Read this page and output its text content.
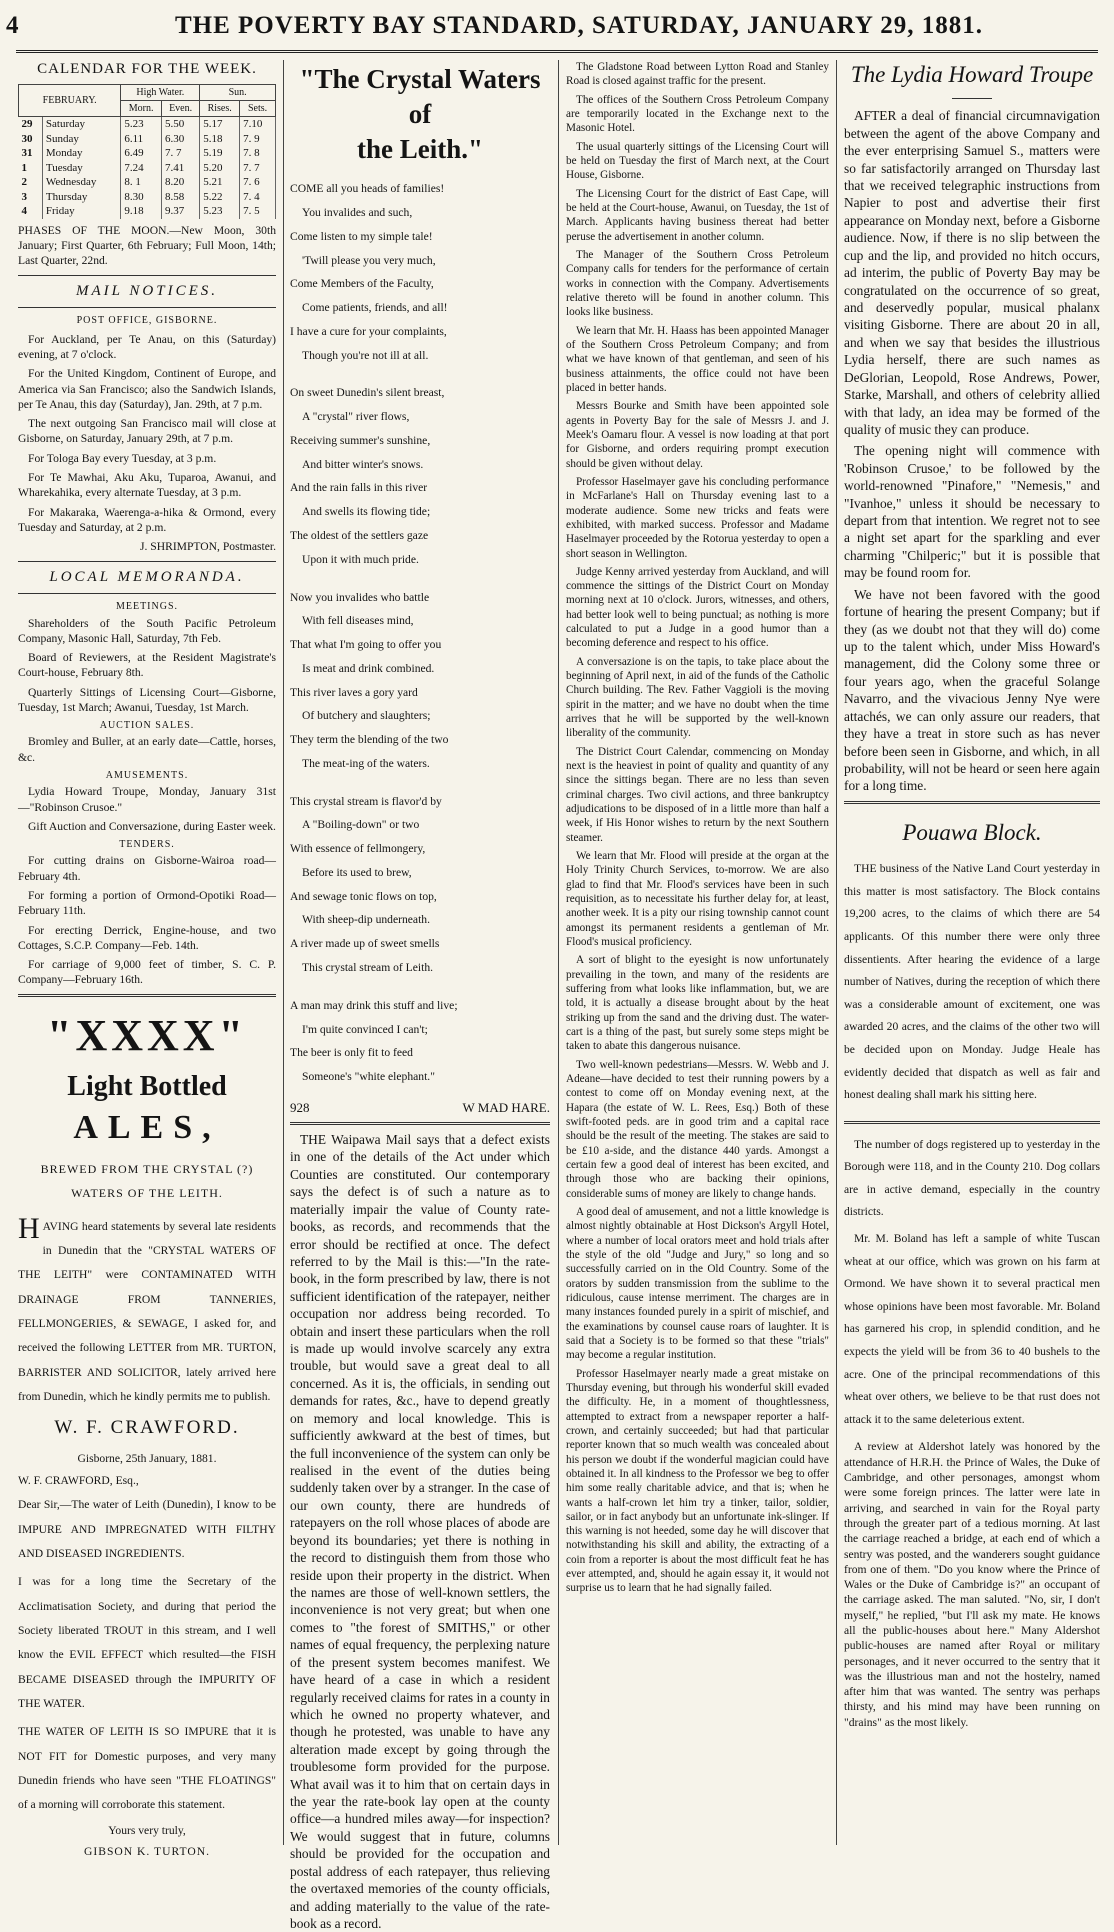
4	THE POVERTY BAY STANDARD, SATURDAY, JANUARY 29, 1881.
CALENDAR FOR THE WEEK.
FEBRUARY.		High Water.		Sun.	
		Morn.	Even.	Rises.	Sets.
29	Saturday	5.23	5.50	5.17	7.10
30	Sunday	6.11	6.30	5.18	7. 9
31	Monday	6.49	7. 7	5.19	7. 8
1	Tuesday	7.24	7.41	5.20	7. 7
2	Wednesday	8. 1	8.20	5.21	7. 6
3	Thursday	8.30	8.58	5.22	7. 4
4	Friday	9.18	9.37	5.23	7. 5

PHASES OF THE MOON.—New Moon, 30th January; First Quarter, 6th February; Full Moon, 14th; Last Quarter, 22nd.

MAIL NOTICES.

POST OFFICE, GISBORNE.

For Auckland, per Te Anau, on this (Saturday) evening, at 7 o'clock.

For the United Kingdom, Continent of Europe, and America via San Francisco; also the Sandwich Islands, per Te Anau, this day (Saturday), Jan. 29th, at 7 p.m.

The next outgoing San Francisco mail will close at Gisborne, on Saturday, January 29th, at 7 p.m.

For Tologa Bay every Tuesday, at 3 p.m.

For Te Mawhai, Aku Aku, Tuparoa, Awanui, and Wharekahika, every alternate Tuesday, at 3 p.m.

For Makaraka, Waerenga-a-hika & Ormond, every Tuesday and Saturday, at 2 p.m.

J. SHRIMPTON, Postmaster.

LOCAL MEMORANDA.
MEETINGS.

Shareholders of the South Pacific Petroleum Company, Masonic Hall, Saturday, 7th Feb.

Board of Reviewers, at the Resident Magistrate's Court-house, February 8th.

Quarterly Sittings of Licensing Court—Gisborne, Tuesday, 1st March; Awanui, Tuesday, 1st March.

AUCTION SALES.

Bromley and Buller, at an early date—Cattle, horses, &c.

AMUSEMENTS.

Lydia Howard Troupe, Monday, January 31st—"Robinson Crusoe."

Gift Auction and Conversazione, during Easter week.

TENDERS.

For cutting drains on Gisborne-Wairoa road—February 4th.

For forming a portion of Ormond-Opotiki Road—February 11th.

For erecting Derrick, Engine-house, and two Cottages, S.C.P. Company—Feb. 14th.

For carriage of 9,000 feet of timber, S. C. P. Company—February 16th.

"XXXX"
Light Bottled
ALES,
BREWED FROM THE CRYSTAL (?)
WATERS OF THE LEITH.

HAVING heard statements by several late residents in Dunedin that the "CRYSTAL WATERS OF THE LEITH" were CONTAMINATED WITH DRAINAGE FROM TANNERIES, FELLMONGERIES, & SEWAGE, I asked for, and received the following LETTER from MR. TURTON, BARRISTER AND SOLICITOR, lately arrived here from Dunedin, which he kindly permits me to publish.

W. F. CRAWFORD.

Gisborne, 25th January, 1881.

W. F. CRAWFORD, Esq.,

Dear Sir,—The water of Leith (Dunedin), I know to be IMPURE AND IMPREGNATED WITH FILTHY AND DISEASED INGREDIENTS.

I was for a long time the Secretary of the Acclimatisation Society, and during that period the Society liberated TROUT in this stream, and I well know the EVIL EFFECT which resulted—the FISH BECAME DISEASED through the IMPURITY OF THE WATER.

THE WATER OF LEITH IS SO IMPURE that it is NOT FIT for Domestic purposes, and very many Dunedin friends who have seen "THE FLOATINGS" of a morning will corroborate this statement.

Yours very truly,

GIBSON K. TURTON.

"The Crystal Waters of
the Leith."
COME all you heads of families!
You invalides and such,
Come listen to my simple tale!
'Twill please you very much,
Come Members of the Faculty,
Come patients, friends, and all!
I have a cure for your complaints,
Though you're not ill at all.
On sweet Dunedin's silent breast,
A "crystal" river flows,
Receiving summer's sunshine,
And bitter winter's snows.
And the rain falls in this river
And swells its flowing tide;
The oldest of the settlers gaze
Upon it with much pride.
Now you invalides who battle
With fell diseases mind,
That what I'm going to offer you
Is meat and drink combined.
This river laves a gory yard
Of butchery and slaughters;
They term the blending of the two
The meat-ing of the waters.
This crystal stream is flavor'd by
A "Boiling-down" or two
With essence of fellmongery,
Before its used to brew,
And sewage tonic flows on top,
With sheep-dip underneath.
A river made up of sweet smells
This crystal stream of Leith.
A man may drink this stuff and live;
I'm quite convinced I can't;
The beer is only fit to feed
Someone's "white elephant."
928	W MAD HARE.

THE Waipawa Mail says that a defect exists in one of the details of the Act under which Counties are constituted. Our contemporary says the defect is of such a nature as to materially impair the value of County rate-books, as records, and recommends that the error should be rectified at once. The defect referred to by the Mail is this:—"In the rate-book, in the form prescribed by law, there is not sufficient identification of the ratepayer, neither occupation nor address being recorded. To obtain and insert these particulars when the roll is made up would involve scarcely any extra trouble, but would save a great deal to all concerned. As it is, the officials, in sending out demands for rates, &c., have to depend greatly on memory and local knowledge. This is sufficiently awkward at the best of times, but the full inconvenience of the system can only be realised in the event of the duties being suddenly taken over by a stranger. In the case of our own county, there are hundreds of ratepayers on the roll whose places of abode are beyond its boundaries; yet there is nothing in the record to distinguish them from those who reside upon their property in the district. When the names are those of well-known settlers, the inconvenience is not very great; but when one comes to "the forest of SMITHS," or other names of equal frequency, the perplexing nature of the present system becomes manifest. We have heard of a case in which a resident regularly received claims for rates in a county in which he owned no property whatever, and though he protested, was unable to have any alteration made except by going through the troublesome form provided for the purpose. What avail was it to him that on certain days in the year the rate-book lay open at the county office—a hundred miles away—for inspection? We would suggest that in future, columns should be provided for the occupation and postal address of each ratepayer, thus relieving the overtaxed memories of the county officials, and adding materially to the value of the rate-book as a record.

The Gladstone Road between Lytton Road and Stanley Road is closed against traffic for the present.

The offices of the Southern Cross Petroleum Company are temporarily located in the Exchange next to the Masonic Hotel.

The usual quarterly sittings of the Licensing Court will be held on Tuesday the first of March next, at the Court House, Gisborne.

The Licensing Court for the district of East Cape, will be held at the Court-house, Awanui, on Tuesday, the 1st of March. Applicants having business thereat had better peruse the advertisement in another column.

The Manager of the Southern Cross Petroleum Company calls for tenders for the performance of certain works in connection with the Company. Advertisements relative thereto will be found in another column. This looks like business.

We learn that Mr. H. Haass has been appointed Manager of the Southern Cross Petroleum Company; and from what we have known of that gentleman, and seen of his business attainments, the office could not have been placed in better hands.

Messrs Bourke and Smith have been appointed sole agents in Poverty Bay for the sale of Messrs J. and J. Meek's Oamaru flour. A vessel is now loading at that port for Gisborne, and orders requiring prompt execution should be given without delay.

Professor Haselmayer gave his concluding performance in McFarlane's Hall on Thursday evening last to a moderate audience. Some new tricks and feats were exhibited, with marked success. Professor and Madame Haselmayer proceeded by the Rotorua yesterday to open a short season in Wellington.

Judge Kenny arrived yesterday from Auckland, and will commence the sittings of the District Court on Monday morning next at 10 o'clock. Jurors, witnesses, and others, had better look well to being punctual; as nothing is more calculated to put a Judge in a good humor than a becoming deference and respect to his office.

A conversazione is on the tapis, to take place about the beginning of April next, in aid of the funds of the Catholic Church building. The Rev. Father Vaggioli is the moving spirit in the matter; and we have no doubt when the time arrives that he will be supported by the well-known liberality of the community.

The District Court Calendar, commencing on Monday next is the heaviest in point of quality and quantity of any since the sittings began. There are no less than seven criminal charges. Two civil actions, and three bankruptcy adjudications to be disposed of in a little more than half a week, if His Honor wishes to return by the next Southern steamer.

We learn that Mr. Flood will preside at the organ at the Holy Trinity Church Services, to-morrow. We are also glad to find that Mr. Flood's services have been in such requisition, as to necessitate his further delay for, at least, another week. It is a pity our rising township cannot count amongst its permanent residents a gentleman of Mr. Flood's musical proficiency.

A sort of blight to the eyesight is now unfortunately prevailing in the town, and many of the residents are suffering from what looks like inflammation, but, we are told, it is actually a disease brought about by the heat striking up from the sand and the driving dust. The water-cart is a thing of the past, but surely some steps might be taken to abate this dangerous nuisance.

Two well-known pedestrians—Messrs. W. Webb and J. Adeane—have decided to test their running powers by a contest to come off on Monday evening next, at the Hapara (the estate of W. L. Rees, Esq.) Both of these swift-footed peds. are in good trim and a capital race should be the result of the meeting. The stakes are said to be £10 a-side, and the distance 440 yards. Amongst a certain few a good deal of interest has been excited, and through those who are backing their opinions, considerable sums of money are likely to change hands.

A good deal of amusement, and not a little knowledge is almost nightly obtainable at Host Dickson's Argyll Hotel, where a number of local orators meet and hold trials after the style of the old "Judge and Jury," so long and so successfully carried on in the Old Country. Some of the orators by sudden transmission from the sublime to the ridiculous, cause intense merriment. The charges are in many instances founded purely in a spirit of mischief, and the examinations by counsel cause roars of laughter. It is said that a Society is to be formed so that these "trials" may become a regular institution.

Professor Haselmayer nearly made a great mistake on Thursday evening, but through his wonderful skill evaded the difficulty. He, in a moment of thoughtlessness, attempted to extract from a newspaper reporter a half-crown, and certainly succeeded; but had that particular reporter known that so much wealth was concealed about his person we doubt if the wonderful magician could have obtained it. In all kindness to the Professor we beg to offer him some really charitable advice, and that is; when he wants a half-crown let him try a tinker, tailor, soldier, sailor, or in fact anybody but an unfortunate ink-slinger. If this warning is not heeded, some day he will discover that notwithstanding his skill and ability, the extracting of a coin from a reporter is about the most difficult feat he has ever attempted, and, should he again essay it, it would not surprise us to learn that he had signally failed.

The Lydia Howard Troupe

AFTER a deal of financial circumnavigation between the agent of the above Company and the ever enterprising Samuel S., matters were so far satisfactorily arranged on Thursday last that we received telegraphic instructions from Napier to post and advertise their first appearance on Monday next, before a Gisborne audience. Now, if there is no slip between the cup and the lip, and provided no hitch occurs, ad interim, the public of Poverty Bay may be congratulated on the occurrence of so great, and deservedly popular, musical phalanx visiting Gisborne. There are about 20 in all, and when we say that besides the illustrious Lydia herself, there are such names as DeGlorian, Leopold, Rose Andrews, Power, Starke, Marshall, and others of celebrity allied with that lady, an idea may be formed of the quality of music they can produce.

The opening night will commence with 'Robinson Crusoe,' to be followed by the world-renowned "Pinafore," "Nemesis," and "Ivanhoe," unless it should be necessary to depart from that intention. We regret not to see a night set apart for the sparkling and ever charming "Chilperic;" but it is possible that may be found room for.

We have not been favored with the good fortune of hearing the present Company; but if they (as we doubt not that they will do) come up to the talent which, under Miss Howard's management, did the Colony some three or four years ago, when the graceful Solange Navarro, and the vivacious Jenny Nye were attachés, we can only assure our readers, that they have a treat in store such as has never before been seen in Gisborne, and which, in all probability, will not be heard or seen here again for a long time.

Pouawa Block.

THE business of the Native Land Court yesterday in this matter is most satisfactory. The Block contains 19,200 acres, to the claims of which there are 54 applicants. Of this number there were only three dissentients. After hearing the evidence of a large number of Natives, during the reception of which there was a considerable amount of excitement, one was awarded 20 acres, and the claims of the other two will be decided upon on Monday. Judge Heale has evidently decided that dispatch as well as fair and honest dealing shall mark his sitting here.

The number of dogs registered up to yesterday in the Borough were 118, and in the County 210. Dog collars are in active demand, especially in the country districts.

Mr. M. Boland has left a sample of white Tuscan wheat at our office, which was grown on his farm at Ormond. We have shown it to several practical men whose opinions have been most favorable. Mr. Boland has garnered his crop, in splendid condition, and he expects the yield will be from 36 to 40 bushels to the acre. One of the principal recommendations of this wheat over others, we believe to be that rust does not attack it to the same deleterious extent.

A review at Aldershot lately was honored by the attendance of H.R.H. the Prince of Wales, the Duke of Cambridge, and other personages, amongst whom were some foreign princes. The latter were late in arriving, and searched in vain for the Royal party through the greater part of a tedious morning. At last the carriage reached a bridge, at each end of which a sentry was posted, and the wanderers sought guidance from one of them. "Do you know where the Prince of Wales or the Duke of Cambridge is?" an occupant of the carriage asked. The man saluted. "No, sir, I don't myself," he replied, "but I'll ask my mate. He knows all the public-houses about here." Many Aldershot public-houses are named after Royal or military personages, and it never occurred to the sentry that it was the illustrious man and not the hostelry, named after him that was wanted. The sentry was perhaps thirsty, and his mind may have been running on "drains" as the most likely.
